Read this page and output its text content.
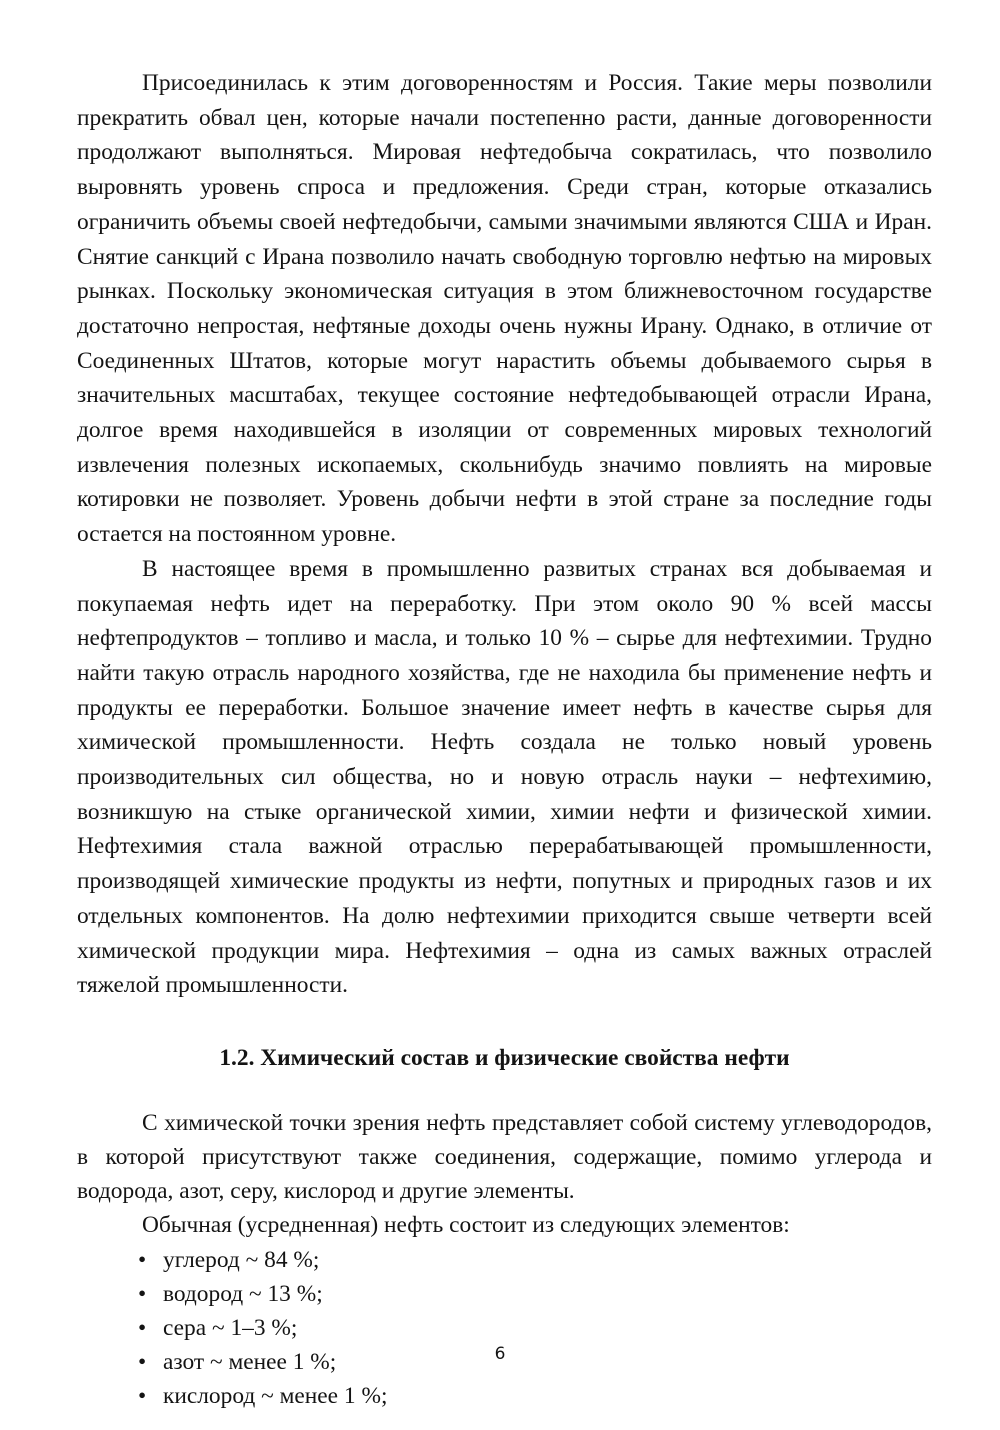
Присоединилась к этим договоренностям и Россия. Такие меры позволили прекратить обвал цен, которые начали постепенно расти, данные договоренности продолжают выполняться. Мировая нефтедобыча сократилась, что позволило выровнять уровень спроса и предложения. Среди стран, которые отказались ограничить объемы своей нефтедобычи, самыми значимыми являются США и Иран. Снятие санкций с Ирана позволило начать свободную торговлю нефтью на мировых рынках. Поскольку экономическая ситуация в этом ближневосточном государстве достаточно непростая, нефтяные доходы очень нужны Ирану. Однако, в отличие от Соединенных Штатов, которые могут нарастить объемы добываемого сырья в значительных масштабах, текущее состояние нефтедобывающей отрасли Ирана, долгое время находившейся в изоляции от современных мировых технологий извлечения полезных ископаемых, скольнибудь значимо повлиять на мировые котировки не позволяет. Уровень добычи нефти в этой стране за последние годы остается на постоянном уровне.

В настоящее время в промышленно развитых странах вся добываемая и покупаемая нефть идет на переработку. При этом около 90 % всей массы нефтепродуктов – топливо и масла, и только 10 % – сырье для нефтехимии. Трудно найти такую отрасль народного хозяйства, где не находила бы применение нефть и продукты ее переработки. Большое значение имеет нефть в качестве сырья для химической промышленности. Нефть создала не только новый уровень производительных сил общества, но и новую отрасль науки – нефтехимию, возникшую на стыке органической химии, химии нефти и физической химии. Нефтехимия стала важной отраслью перерабатывающей промышленности, производящей химические продукты из нефти, попутных и природных газов и их отдельных компонентов. На долю нефтехимии приходится свыше четверти всей химической продукции мира. Нефтехимия – одна из самых важных отраслей тяжелой промышленности.

1.2. Химический состав и физические свойства нефти

С химической точки зрения нефть представляет собой систему углеводородов, в которой присутствуют также соединения, содержащие, помимо углерода и водорода, азот, серу, кислород и другие элементы.

Обычная (усредненная) нефть состоит из следующих элементов:

• углерод ~ 84 %;
• водород ~ 13 %;
• сера ~ 1–3 %;
• азот ~ менее 1 %;
• кислород ~ менее 1 %;
6
